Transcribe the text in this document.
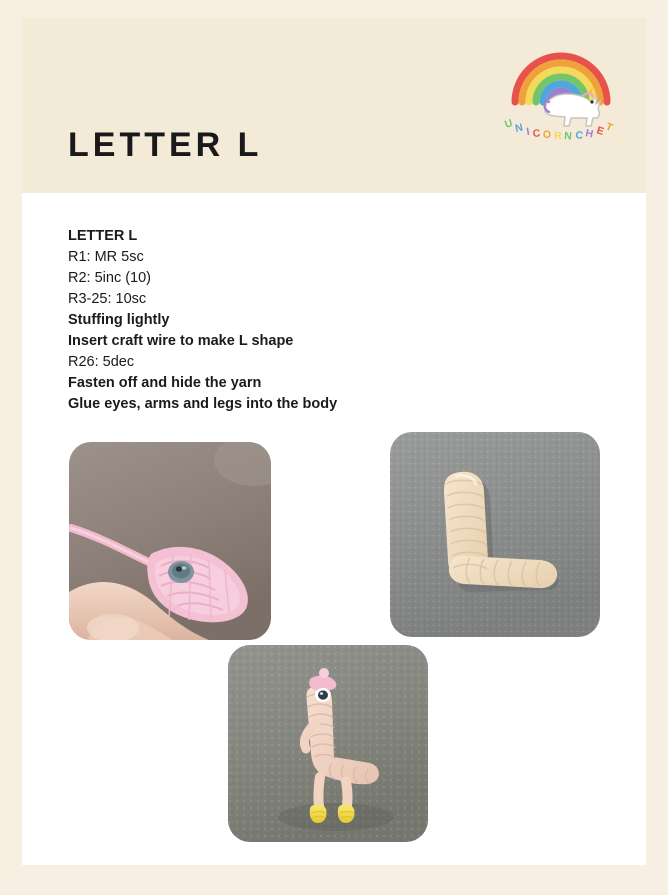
LETTER L
U N I C O R N C H E
T
LETTER L
R1: MR 5sc
R2: 5inc (10)
R3-25: 10sc
Stuffing lightly
Insert craft wire to make L shape
R26: 5dec
Fasten off and hide the yarn
Glue eyes, arms and legs into the body
